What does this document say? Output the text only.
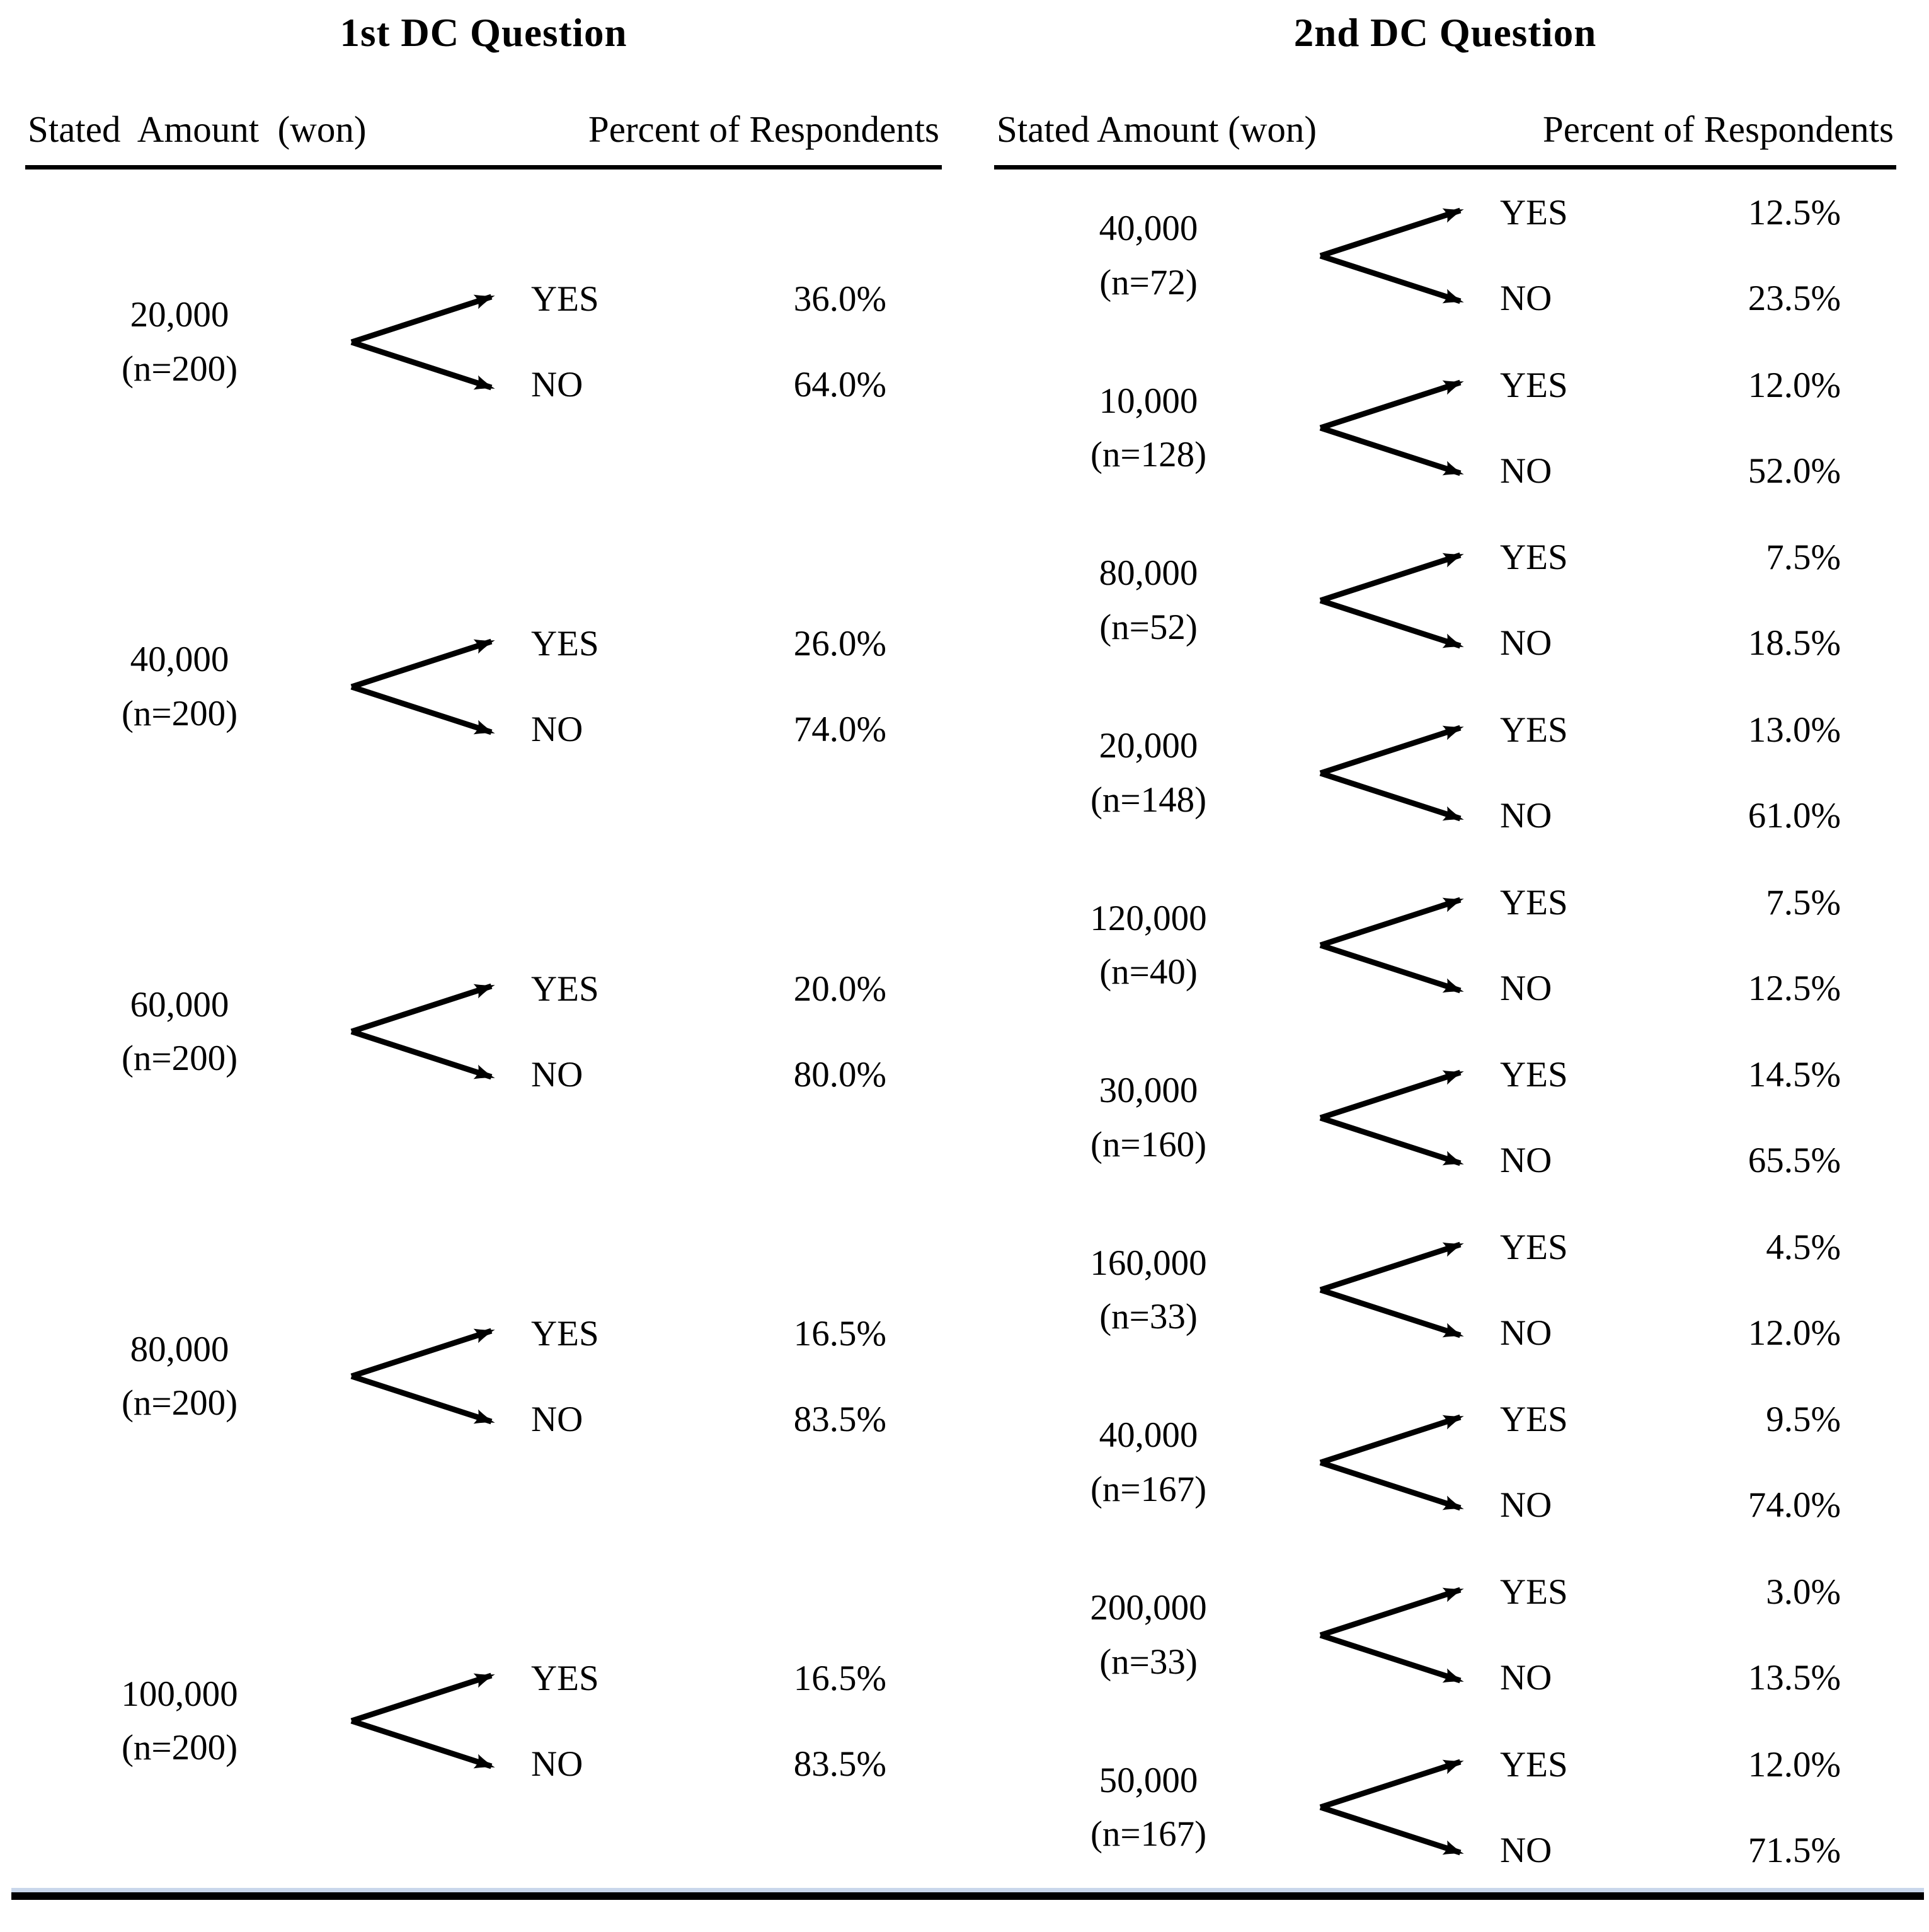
1st DC Question
Stated  Amount  (won)	Percent of Respondents
20,000
(n=200)
YES	36.0%
NO	64.0%
40,000
(n=200)
YES	26.0%
NO	74.0%
60,000
(n=200)
YES	20.0%
NO	80.0%
80,000
(n=200)
YES	16.5%
NO	83.5%
100,000
(n=200)
YES	16.5%
NO	83.5%
2nd DC Question
Stated Amount (won)	Percent of Respondents
40,000
(n=72)
YES	12.5%
NO	23.5%
10,000
(n=128)
YES	12.0%
NO	52.0%
80,000
(n=52)
YES	7.5%
NO	18.5%
20,000
(n=148)
YES	13.0%
NO	61.0%
120,000
(n=40)
YES	7.5%
NO	12.5%
30,000
(n=160)
YES	14.5%
NO	65.5%
160,000
(n=33)
YES	4.5%
NO	12.0%
40,000
(n=167)
YES	9.5%
NO	74.0%
200,000
(n=33)
YES	3.0%
NO	13.5%
50,000
(n=167)
YES	12.0%
NO	71.5%
